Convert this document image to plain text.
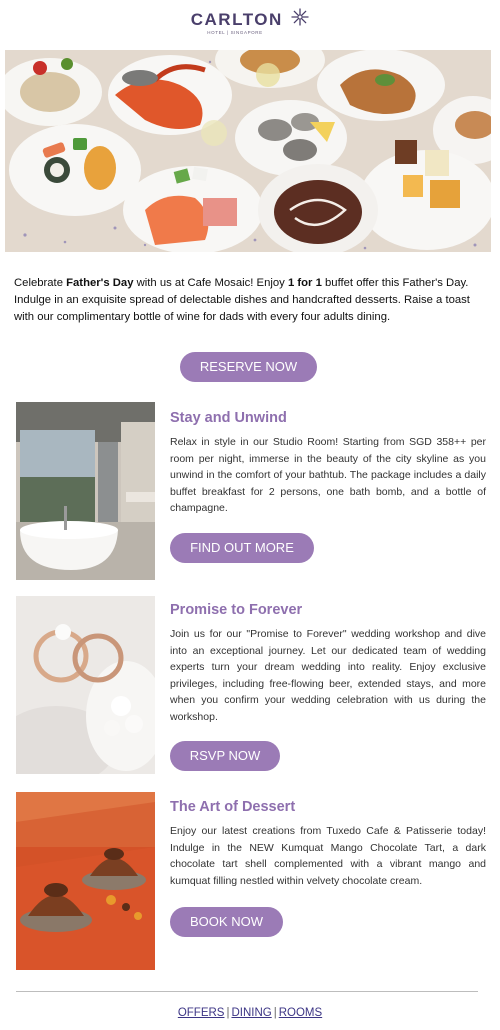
CARLTON
HOTEL | SINGAPORE
Celebrate Father's Day with us at Cafe Mosaic! Enjoy 1 for 1 buffet offer this Father's Day. Indulge in an exquisite spread of delectable dishes and handcrafted desserts. Raise a toast with our complimentary bottle of wine for dads with every four adults dining.
RESERVE NOW
Stay and Unwind
Relax in style in our Studio Room! Starting from SGD 358++ per room per night, immerse in the beauty of the city skyline as you unwind in the comfort of your bathtub. The package includes a daily buffet breakfast for 2 persons, one bath bomb, and a bottle of champagne.
FIND OUT MORE
Promise to Forever
Join us for our "Promise to Forever" wedding workshop and dive into an exceptional journey. Let our dedicated team of wedding experts turn your dream wedding into reality. Enjoy exclusive privileges, including free-flowing beer, extended stays, and more when you confirm your wedding celebration with us during the workshop.
RSVP NOW
The Art of Dessert
Enjoy our latest creations from Tuxedo Cafe & Patisserie today! Indulge in the NEW Kumquat Mango Chocolate Tart, a dark chocolate tart shell complemented with a vibrant mango and kumquat filling nestled within velvety chocolate cream.
BOOK NOW
OFFERS | DINING | ROOMS
